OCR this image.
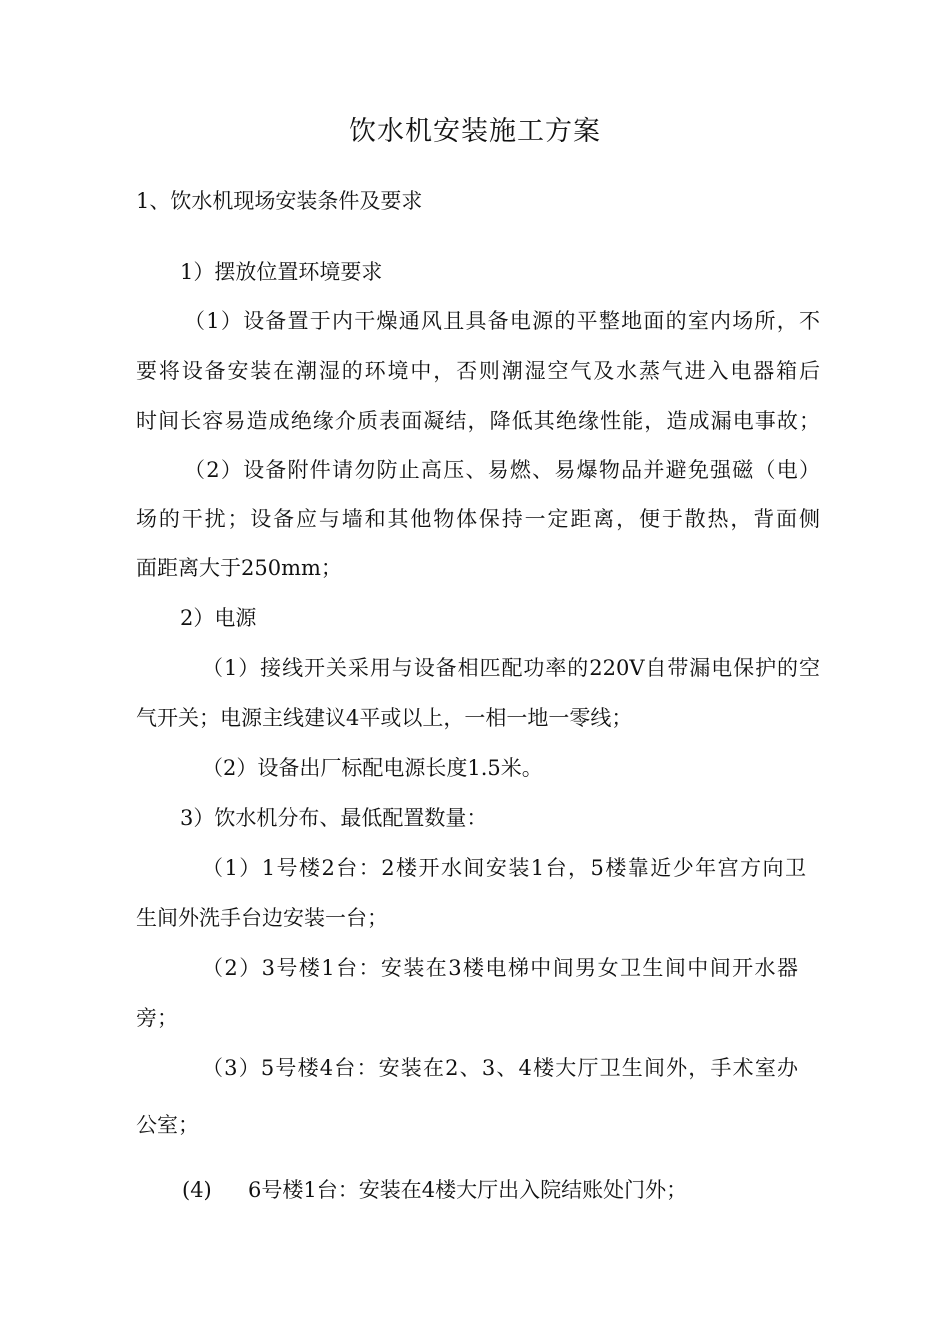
饮水机安装施工方案
1、饮水机现场安装条件及要求
1）摆放位置环境要求
（1）设备置于内干燥通风且具备电源的平整地面的室内场所，不
要将设备安装在潮湿的环境中，否则潮湿空气及水蒸气进入电器箱后
时间长容易造成绝缘介质表面凝结，降低其绝缘性能，造成漏电事故；
（2）设备附件请勿防止高压、易燃、易爆物品并避免强磁（电）
场的干扰；设备应与墙和其他物体保持一定距离，便于散热，背面侧
面距离大于250mm；
2）电源
（1）接线开关采用与设备相匹配功率的220V自带漏电保护的空
气开关；电源主线建议4平或以上，一相一地一零线；
（2）设备出厂标配电源长度1.5米。
3）饮水机分布、最低配置数量：
（1）1号楼2台：2楼开水间安装1台，5楼靠近少年宫方向卫
生间外洗手台边安装一台；
（2）3号楼1台：安装在3楼电梯中间男女卫生间中间开水器
旁；
（3）5号楼4台：安装在2、3、4楼大厅卫生间外，手术室办
公室；
(4) 6号楼1台：安装在4楼大厅出入院结账处门外；
